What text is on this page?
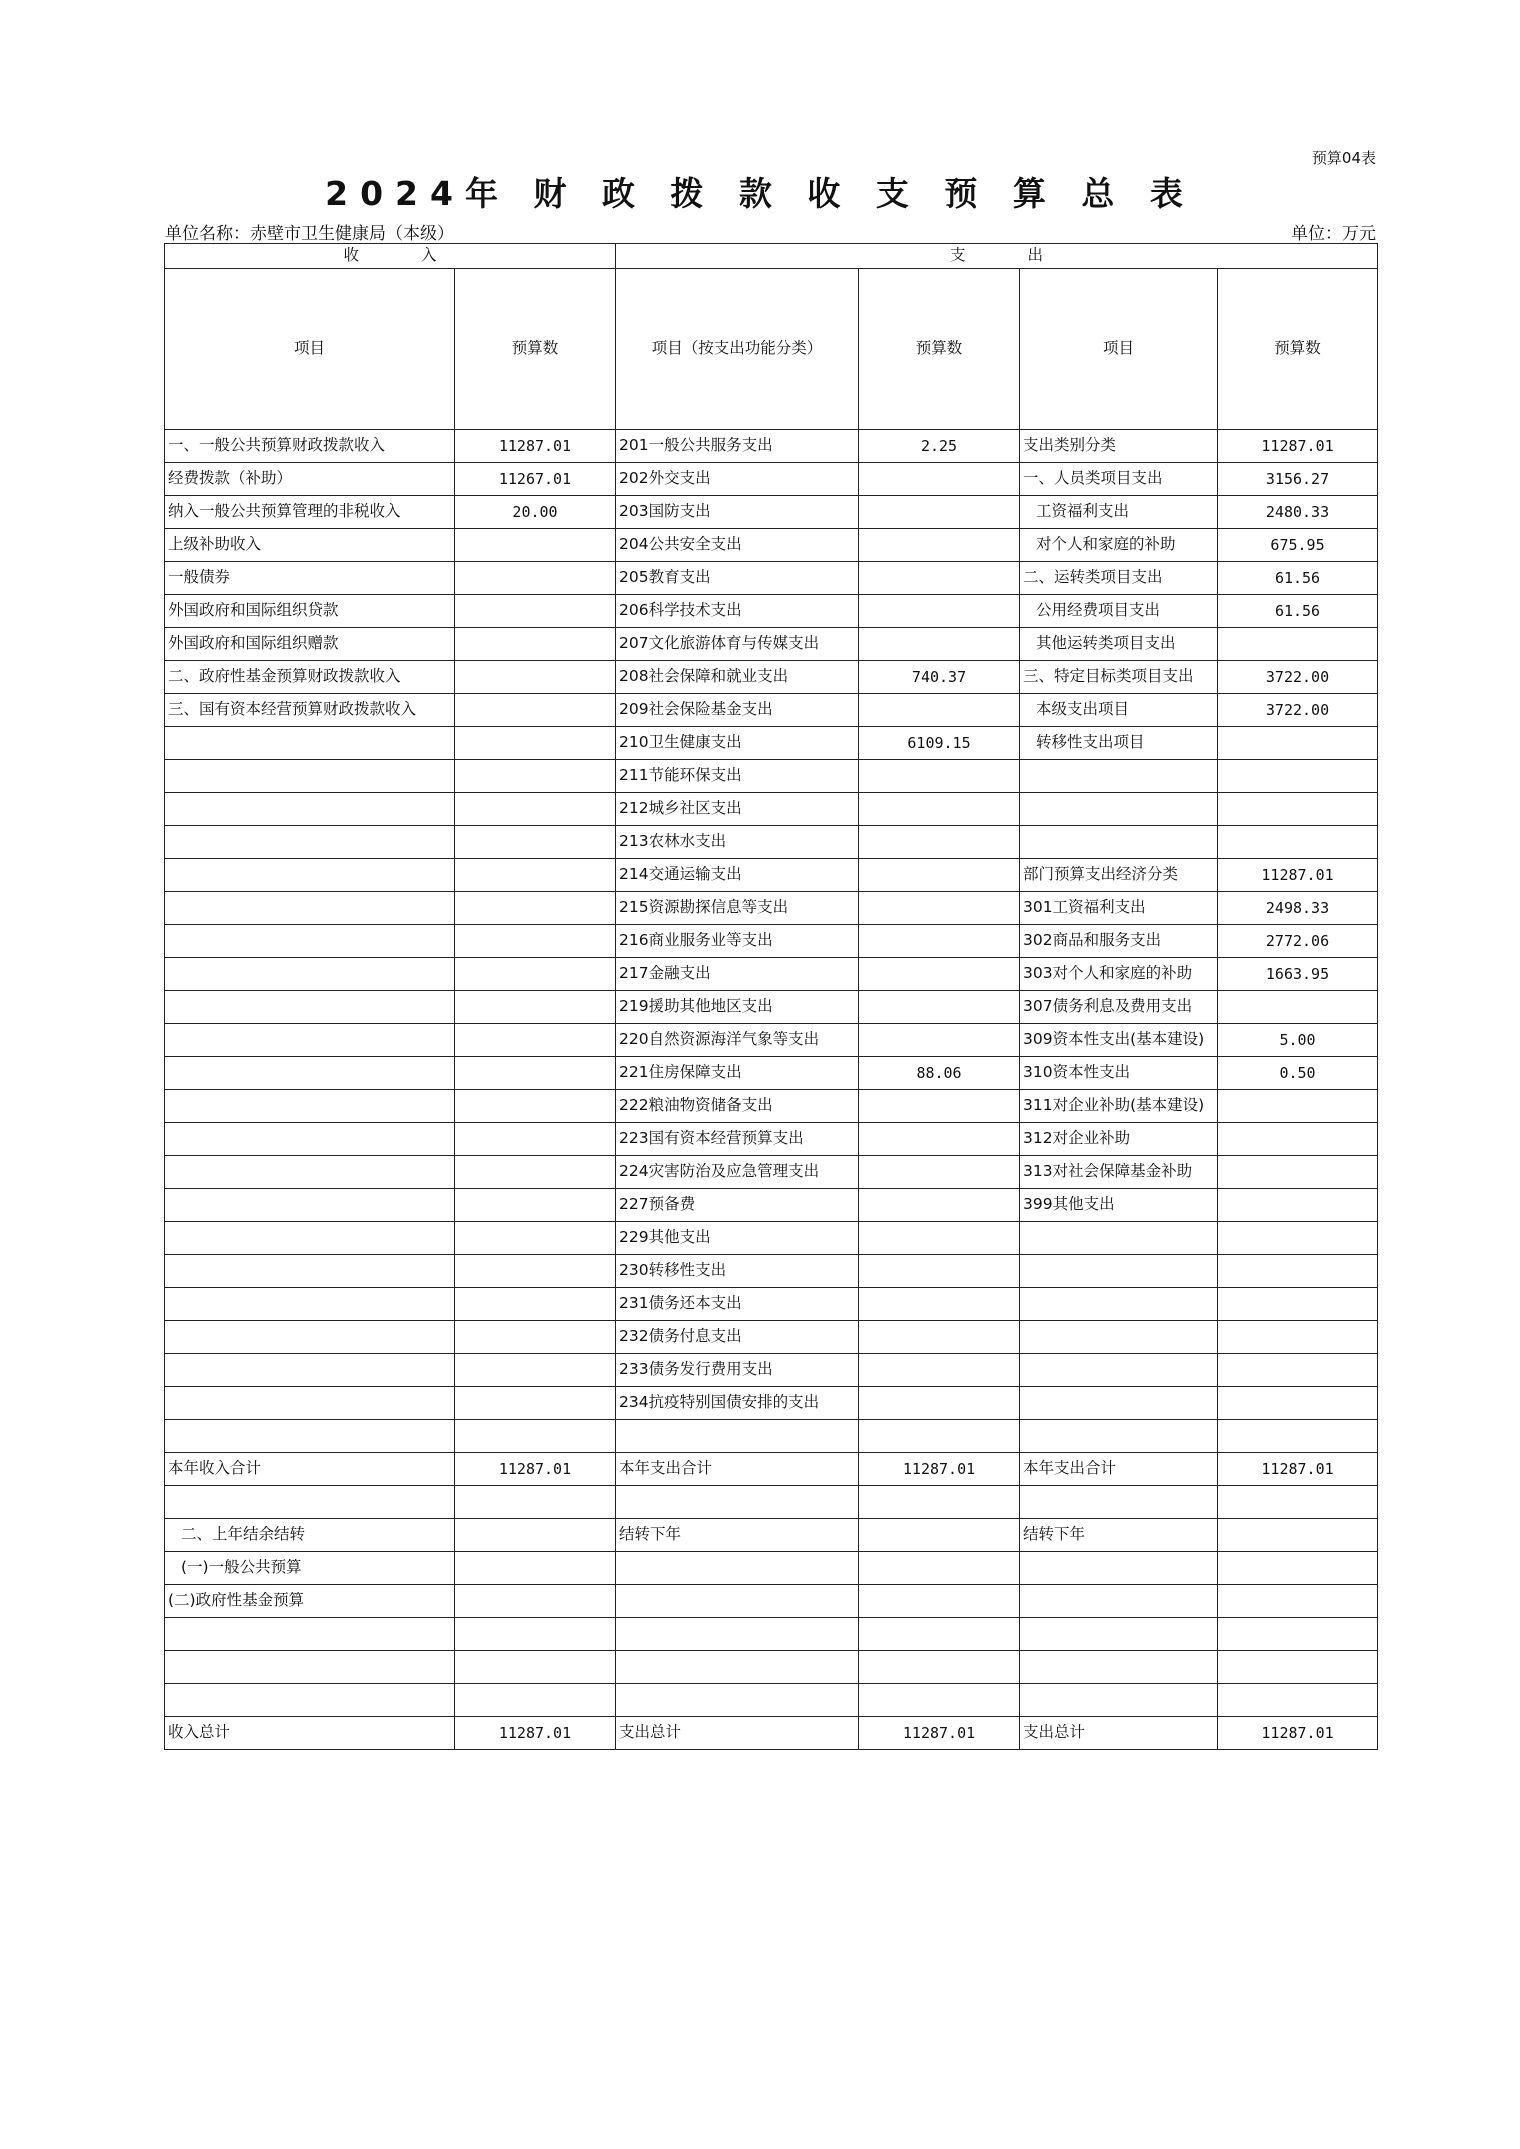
预算04表
2024年 财 政 拨 款 收 支 预 算 总 表
单位名称：赤壁市卫生健康局（本级）	单位：万元
收　　　　入		支　　　　出			
项目	预算数	项目（按支出功能分类）	预算数	项目	预算数
一、一般公共预算财政拨款收入	11287.01	201一般公共服务支出	2.25	支出类别分类	11287.01
经费拨款（补助）	11267.01	202外交支出		一、人员类项目支出	3156.27
纳入一般公共预算管理的非税收入	20.00	203国防支出		工资福利支出	2480.33
上级补助收入		204公共安全支出		对个人和家庭的补助	675.95
一般债券		205教育支出		二、运转类项目支出	61.56
外国政府和国际组织贷款		206科学技术支出		公用经费项目支出	61.56
外国政府和国际组织赠款		207文化旅游体育与传媒支出		其他运转类项目支出	
二、政府性基金预算财政拨款收入		208社会保障和就业支出	740.37	三、特定目标类项目支出	3722.00
三、国有资本经营预算财政拨款收入		209社会保险基金支出		本级支出项目	3722.00
		210卫生健康支出	6109.15	转移性支出项目	
		211节能环保支出			
		212城乡社区支出			
		213农林水支出			
		214交通运输支出		部门预算支出经济分类	11287.01
		215资源勘探信息等支出		301工资福利支出	2498.33
		216商业服务业等支出		302商品和服务支出	2772.06
		217金融支出		303对个人和家庭的补助	1663.95
		219援助其他地区支出		307债务利息及费用支出	
		220自然资源海洋气象等支出		309资本性支出(基本建设)	5.00
		221住房保障支出	88.06	310资本性支出	0.50
		222粮油物资储备支出		311对企业补助(基本建设)	
		223国有资本经营预算支出		312对企业补助	
		224灾害防治及应急管理支出		313对社会保障基金补助	
		227预备费		399其他支出	
		229其他支出			
		230转移性支出			
		231债务还本支出			
		232债务付息支出			
		233债务发行费用支出			
		234抗疫特别国债安排的支出			

本年收入合计	11287.01	本年支出合计	11287.01	本年支出合计	11287.01

二、上年结余结转		结转下年		结转下年	
(一)一般公共预算					
(二)政府性基金预算					

收入总计	11287.01	支出总计	11287.01	支出总计	11287.01
